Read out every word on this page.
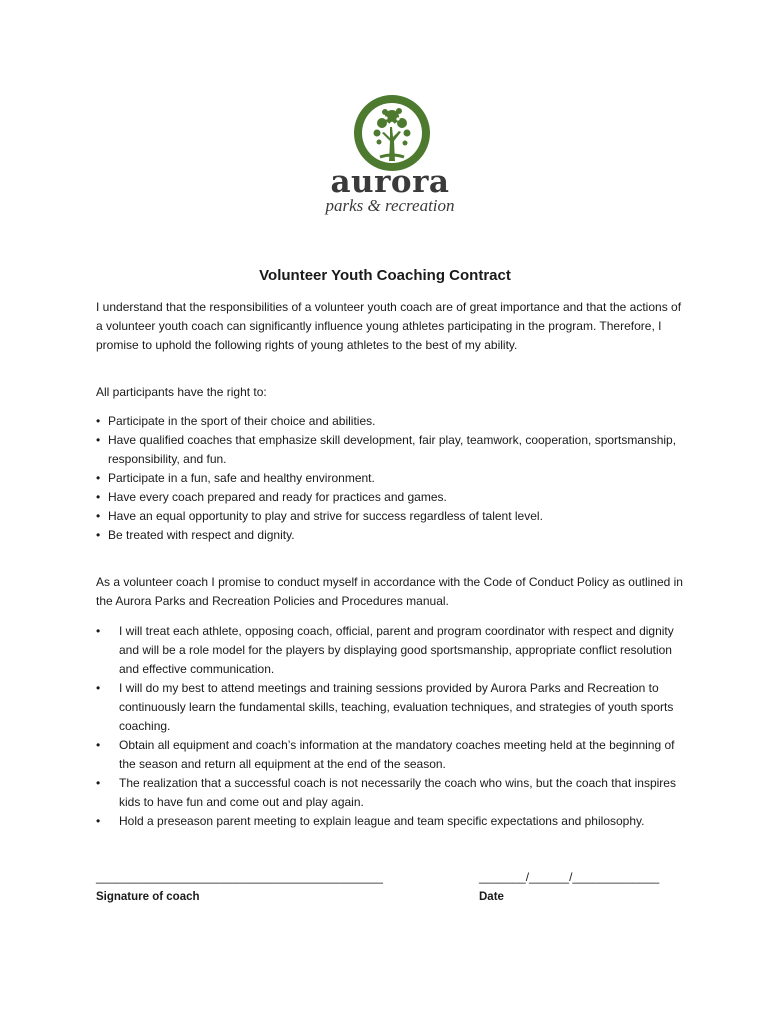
aurora
parks & recreation
Volunteer Youth Coaching Contract

I understand that the responsibilities of a volunteer youth coach are of great importance and that the actions of a volunteer youth coach can significantly influence young athletes participating in the program. Therefore, I promise to uphold the following rights of young athletes to the best of my ability.

All participants have the right to:

• Participate in the sport of their choice and abilities.
• Have qualified coaches that emphasize skill development, fair play, teamwork, cooperation, sportsmanship, responsibility, and fun.
• Participate in a fun, safe and healthy environment.
• Have every coach prepared and ready for practices and games.
• Have an equal opportunity to play and strive for success regardless of talent level.
• Be treated with respect and dignity.

As a volunteer coach I promise to conduct myself in accordance with the Code of Conduct Policy as outlined in the Aurora Parks and Recreation Policies and Procedures manual.

• I will treat each athlete, opposing coach, official, parent and program coordinator with respect and dignity and will be a role model for the players by displaying good sportsmanship, appropriate conflict resolution and effective communication.
• I will do my best to attend meetings and training sessions provided by Aurora Parks and Recreation to continuously learn the fundamental skills, teaching, evaluation techniques, and strategies of youth sports coaching.
• Obtain all equipment and coach’s information at the mandatory coaches meeting held at the beginning of the season and return all equipment at the end of the season.
• The realization that a successful coach is not necessarily the coach who wins, but the coach that inspires kids to have fun and come out and play again.
• Hold a preseason parent meeting to explain league and team specific expectations and philosophy.
___________________________________________
Signature of coach
_______/______/_____________
Date
